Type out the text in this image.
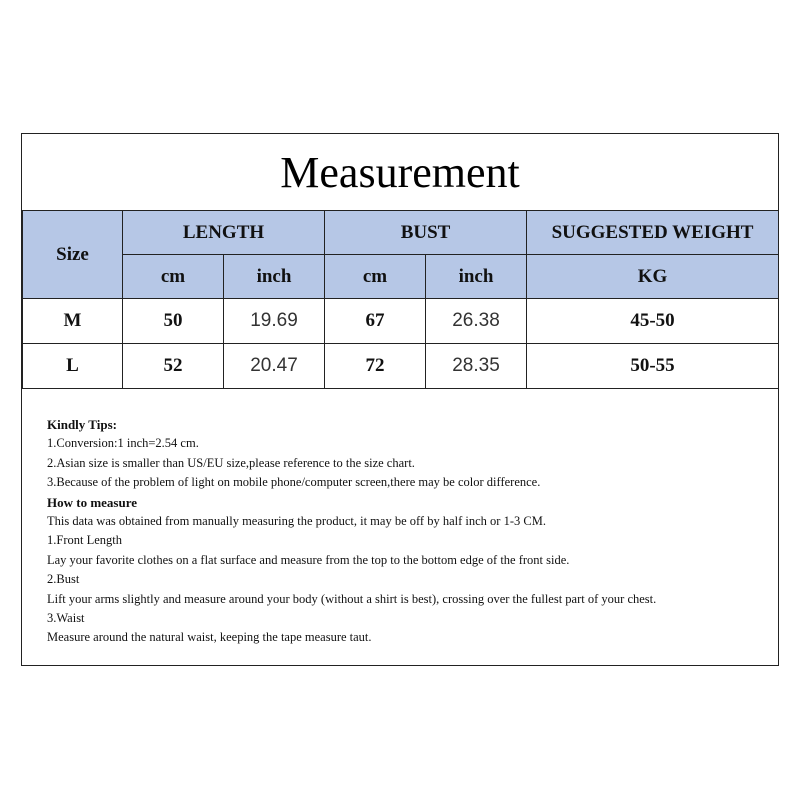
Measurement
Size	LENGTH		BUST		SUGGESTED WEIGHT
	cm	inch	cm	inch	KG
M	50	19.69	67	26.38	45-50
L	52	20.47	72	28.35	50-55
Kindly Tips:
1.Conversion:1 inch=2.54 cm.
2.Asian size is smaller than US/EU size,please reference to the size chart.
3.Because of the problem of light on mobile phone/computer screen,there may be color difference.
How to measure
This data was obtained from manually measuring the product, it may be off by half inch or 1-3 CM.
1.Front Length
Lay your favorite clothes on a flat surface and measure from the top to the bottom edge of the front side.
2.Bust
Lift your arms slightly and measure around your body (without a shirt is best), crossing over the fullest part of your chest.
3.Waist
Measure around the natural waist, keeping the tape measure taut.
